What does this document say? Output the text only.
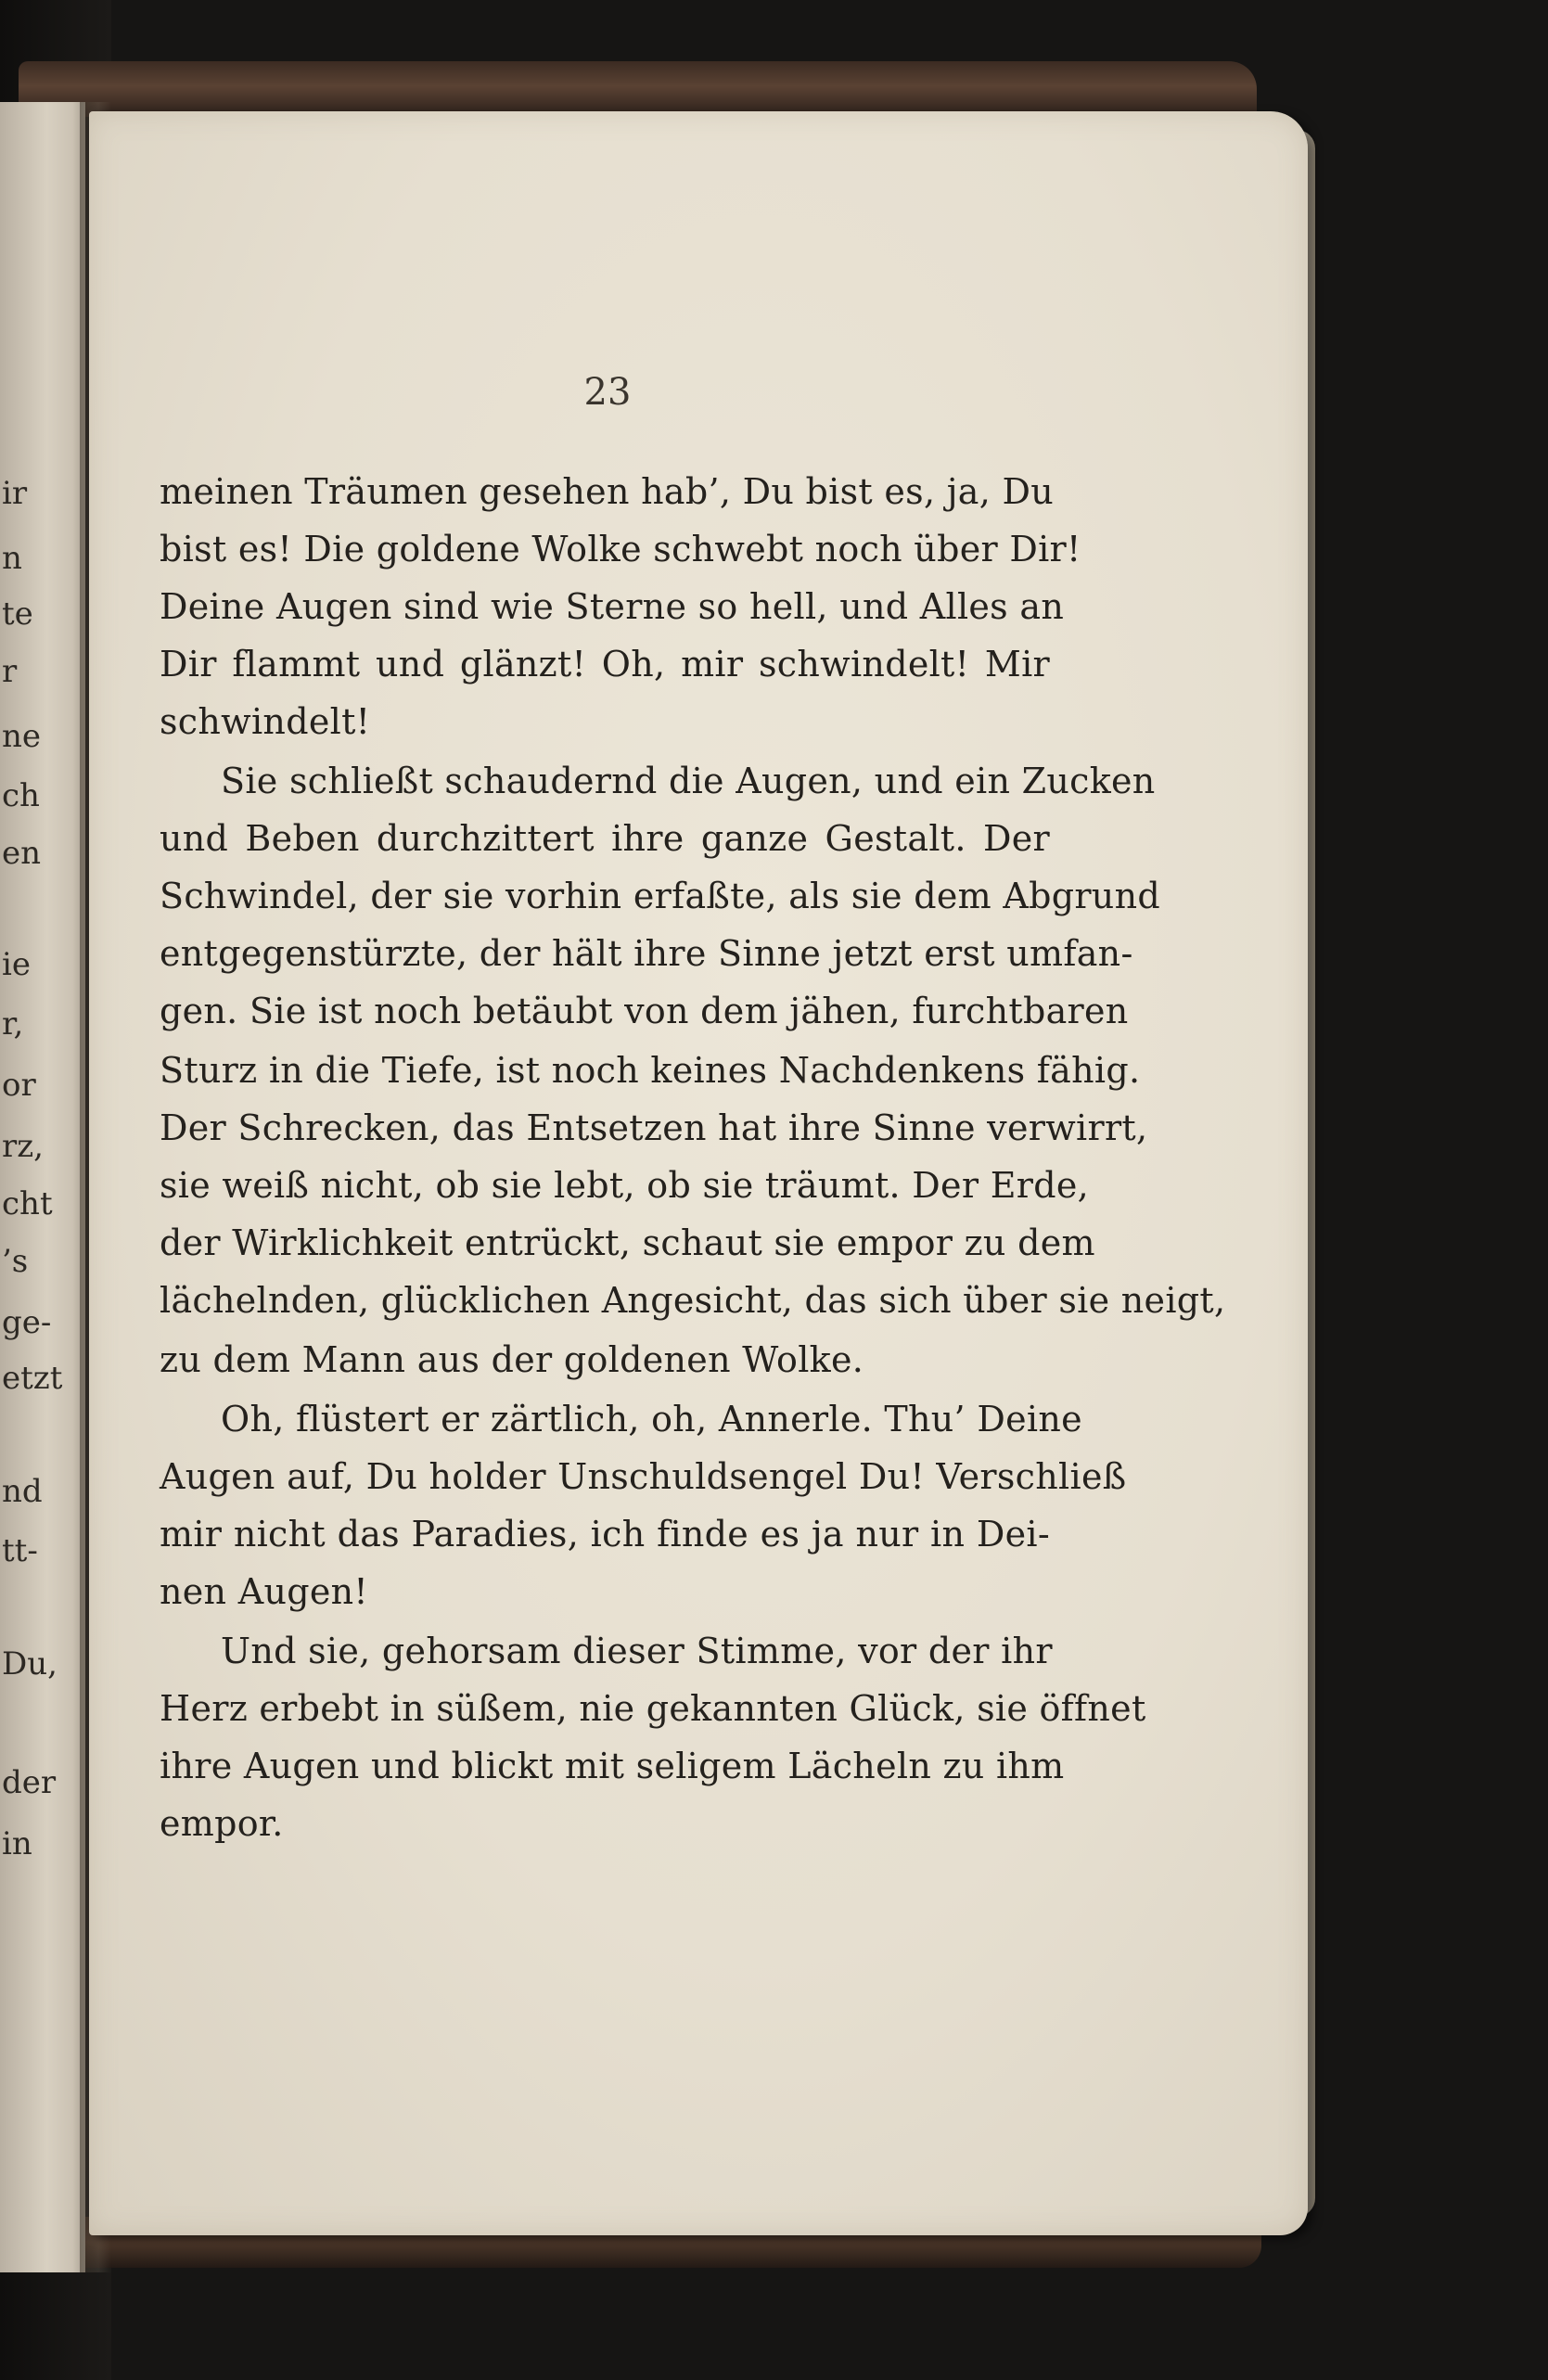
ir
n
te
r
ne
ch
en
ie
r,
or
rz,
cht
’s
ge-
etzt
nd
tt-
Du,
der
in
23
meinen Träumen gesehen hab’, Du bist es, ja, Du
bist es! Die goldene Wolke schwebt noch über Dir!
Deine Augen sind wie Sterne so hell, und Alles an
Dir flammt und glänzt! Oh, mir schwindelt! Mir
schwindelt!
Sie schließt schaudernd die Augen, und ein Zucken
und Beben durchzittert ihre ganze Gestalt. Der
Schwindel, der sie vorhin erfaßte, als sie dem Abgrund
entgegenstürzte, der hält ihre Sinne jetzt erst umfan-
gen. Sie ist noch betäubt von dem jähen, furchtbaren
Sturz in die Tiefe, ist noch keines Nachdenkens fähig.
Der Schrecken, das Entsetzen hat ihre Sinne verwirrt,
sie weiß nicht, ob sie lebt, ob sie träumt. Der Erde,
der Wirklichkeit entrückt, schaut sie empor zu dem
lächelnden, glücklichen Angesicht, das sich über sie neigt,
zu dem Mann aus der goldenen Wolke.
Oh, flüstert er zärtlich, oh, Annerle. Thu’ Deine
Augen auf, Du holder Unschuldsengel Du! Verschließ
mir nicht das Paradies, ich finde es ja nur in Dei-
nen Augen!
Und sie, gehorsam dieser Stimme, vor der ihr
Herz erbebt in süßem, nie gekannten Glück, sie öffnet
ihre Augen und blickt mit seligem Lächeln zu ihm
empor.
